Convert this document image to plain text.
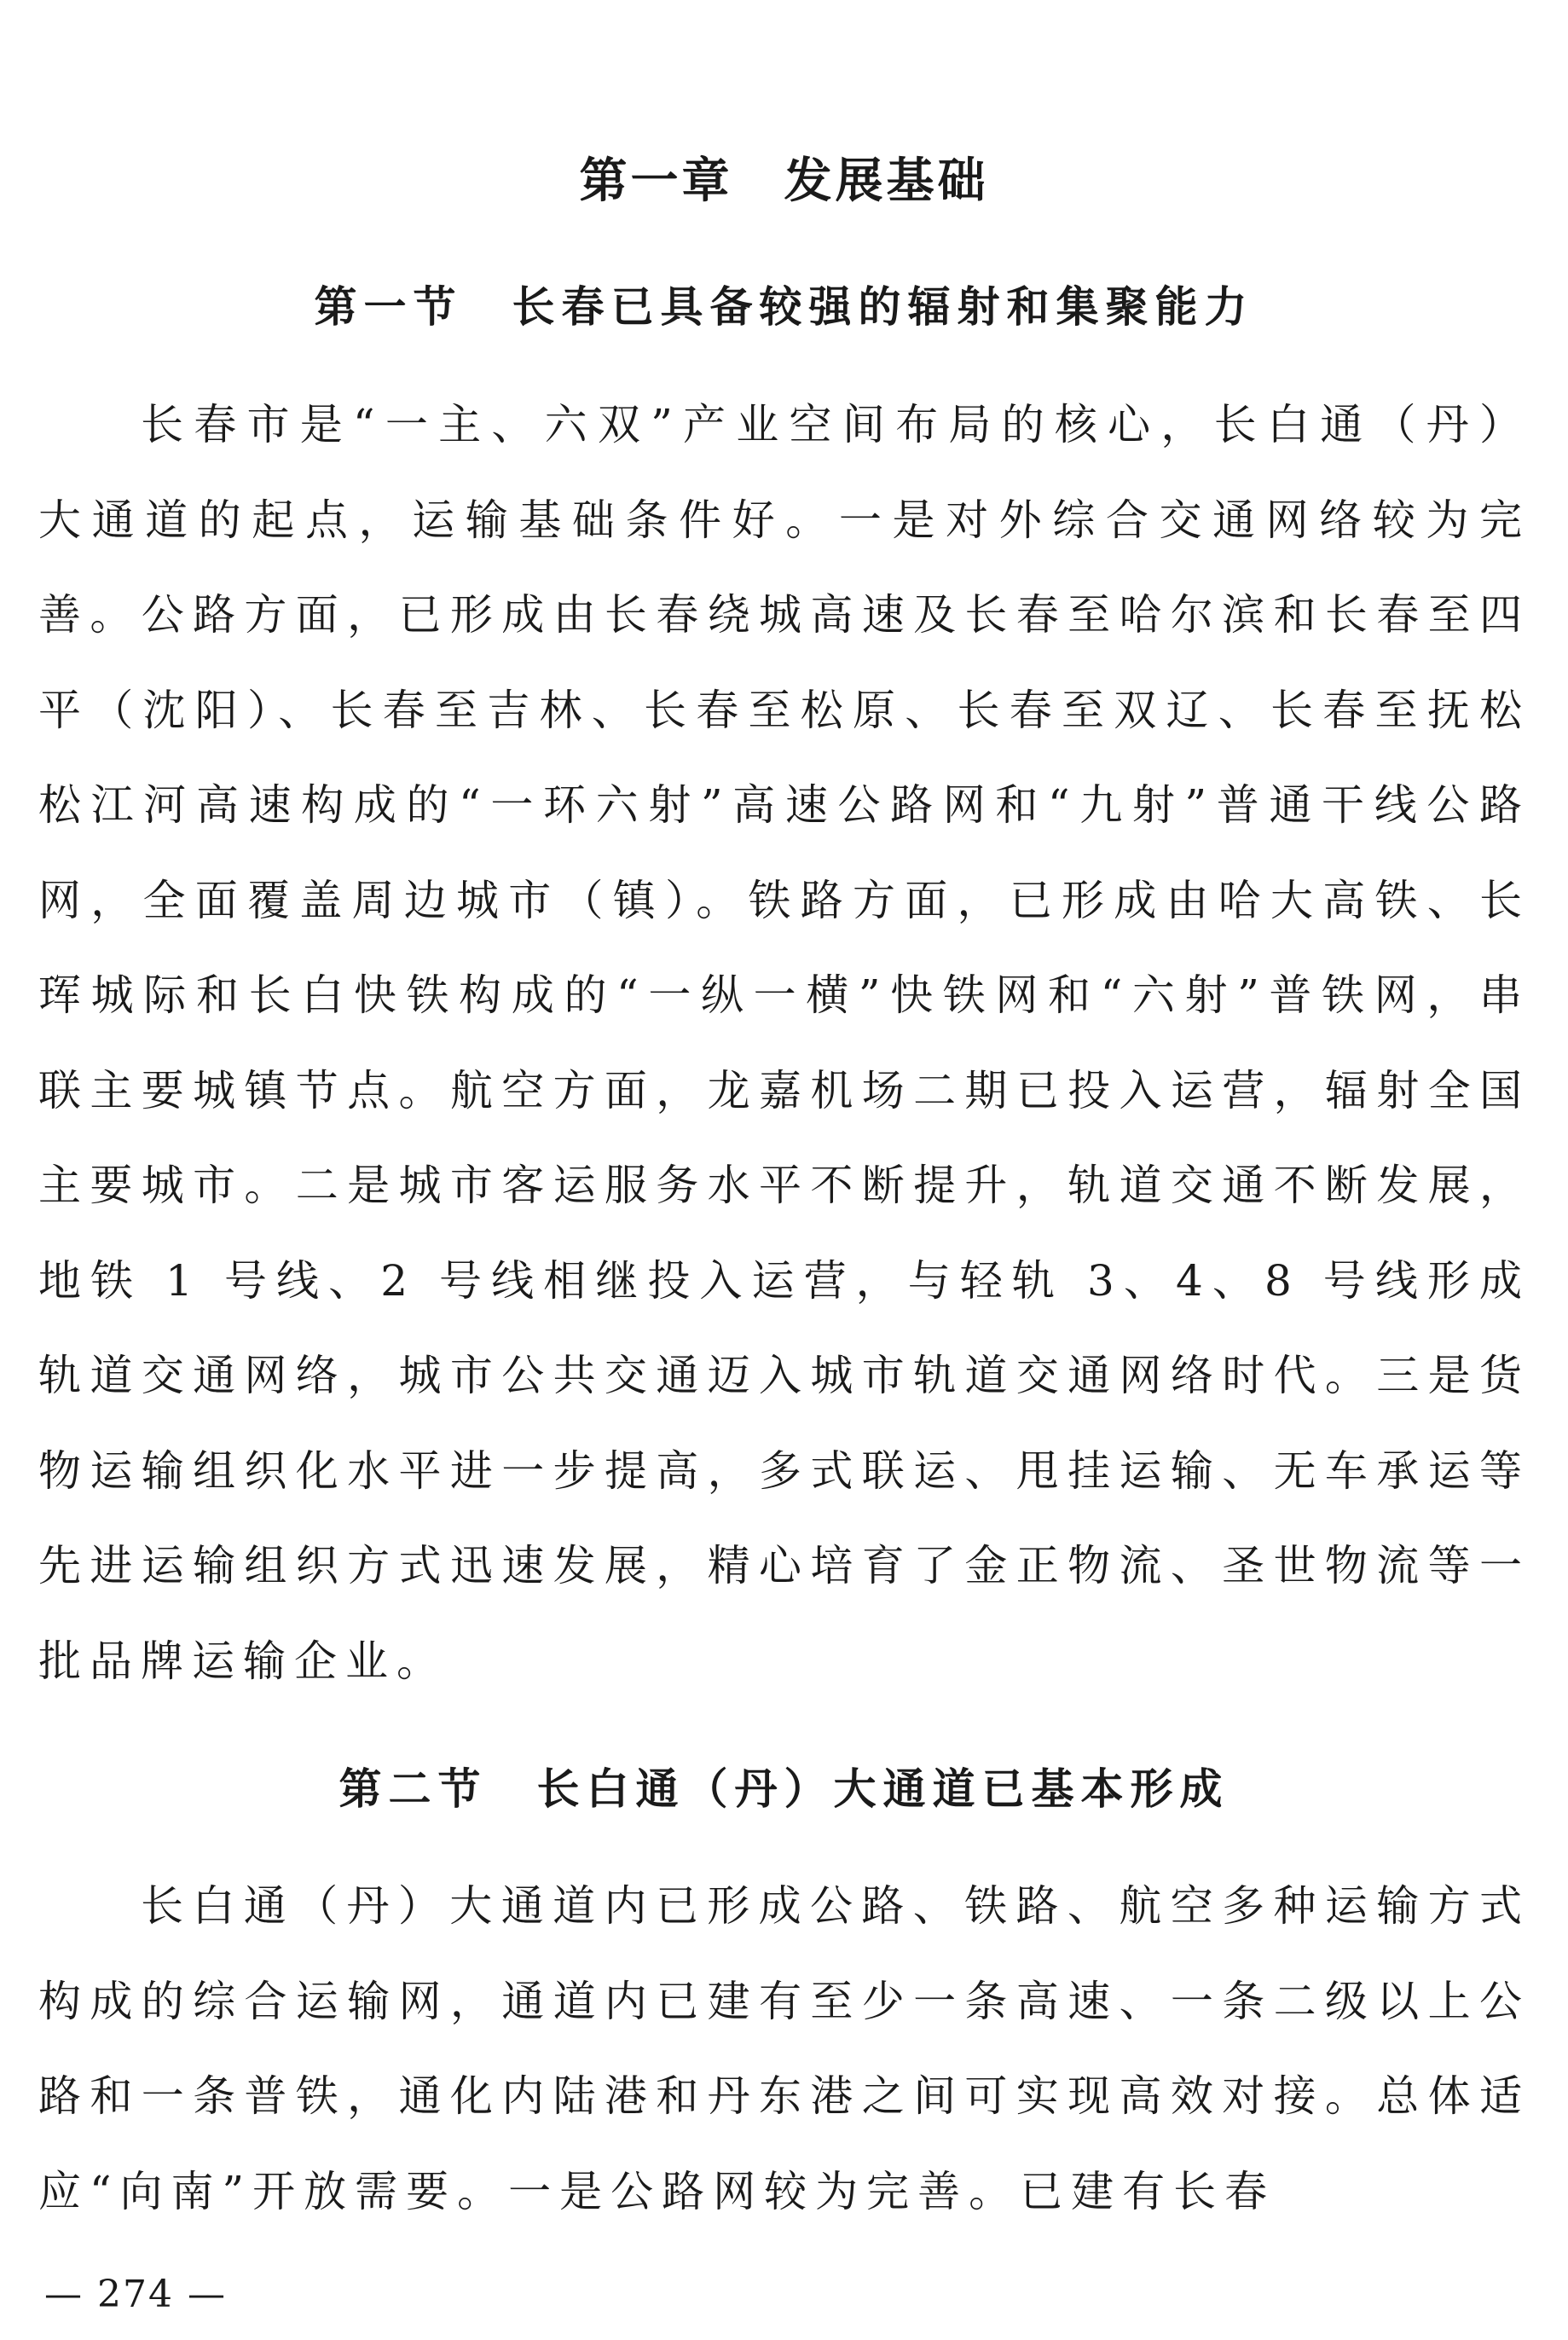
第一章　发展基础
第一节　长春已具备较强的辐射和集聚能力

长春市是“一主、六双”产业空间布局的核心，长白通（丹）大通道的起点，运输基础条件好。一是对外综合交通网络较为完善。公路方面，已形成由长春绕城高速及长春至哈尔滨和长春至四平（沈阳）、长春至吉林、长春至松原、长春至双辽、长春至抚松松江河高速构成的“一环六射”高速公路网和“九射”普通干线公路网，全面覆盖周边城市（镇）。铁路方面，已形成由哈大高铁、长珲城际和长白快铁构成的“一纵一横”快铁网和“六射”普铁网，串联主要城镇节点。航空方面，龙嘉机场二期已投入运营，辐射全国主要城市。二是城市客运服务水平不断提升，轨道交通不断发展，地铁 1 号线、2 号线相继投入运营，与轻轨 3、4、8 号线形成轨道交通网络，城市公共交通迈入城市轨道交通网络时代。三是货物运输组织化水平进一步提高，多式联运、甩挂运输、无车承运等先进运输组织方式迅速发展，精心培育了金正物流、圣世物流等一批品牌运输企业。

第二节　长白通（丹）大通道已基本形成

长白通（丹）大通道内已形成公路、铁路、航空多种运输方式构成的综合运输网，通道内已建有至少一条高速、一条二级以上公路和一条普铁，通化内陆港和丹东港之间可实现高效对接。总体适应“向南”开放需要。一是公路网较为完善。已建有长春

— 274 —
